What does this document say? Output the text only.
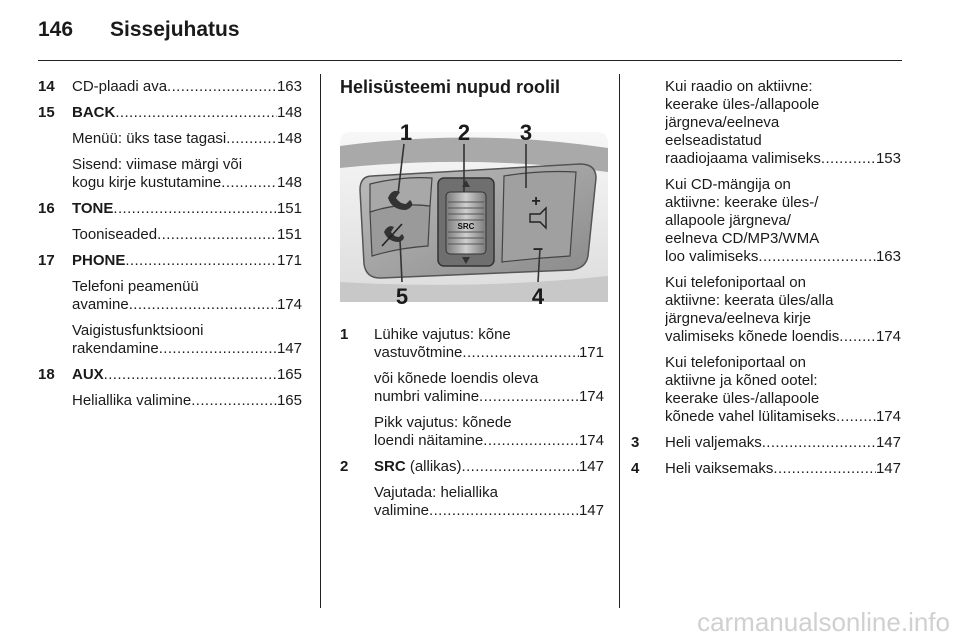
146 Sissejuhatus
14	CD-plaadi ava .....	163
15	BACK .....	148
Menüü: üks tase tagasi .....	148
Sisend: viimase märgi või
kogu kirje kustutamine .....	148
16	TONE .....	151
Tooniseaded .....	151
17	PHONE .....	171
Telefoni peamenüü
avamine .....	174
Vaigistusfunktsiooni
rakendamine .....	147
18	AUX .....	165
Heliallika valimine .....	165
Helisüsteemi nupud roolil
SRC
+
–
1 2 3
4
5
1	Lühike vajutus: kõne
vastuvõtmine .....	171
või kõnede loendis oleva
numbri valimine .....	174
Pikk vajutus: kõnede
loendi näitamine .....	174
2	SRC (allikas) .....	147
Vajutada: heliallika
valimine .....	147
Kui raadio on aktiivne:
keerake üles-/allapoole
järgneva/eelneva
eelseadistatud
raadiojaama valimiseks .....	153
Kui CD-mängija on
aktiivne: keerake üles-/
allapoole järgneva/
eelneva CD/MP3/WMA
loo valimiseks .....	163
Kui telefoniportaal on
aktiivne: keerata üles/alla
järgneva/eelneva kirje
valimiseks kõnede loendis ..... 174
Kui telefoniportaal on
aktiivne ja kõned ootel:
keerake üles-/allapoole
kõnede vahel lülitamiseks .....	174
3	Heli valjemaks .....	147
4	Heli vaiksemaks .....	147
carmanualsonline.info
